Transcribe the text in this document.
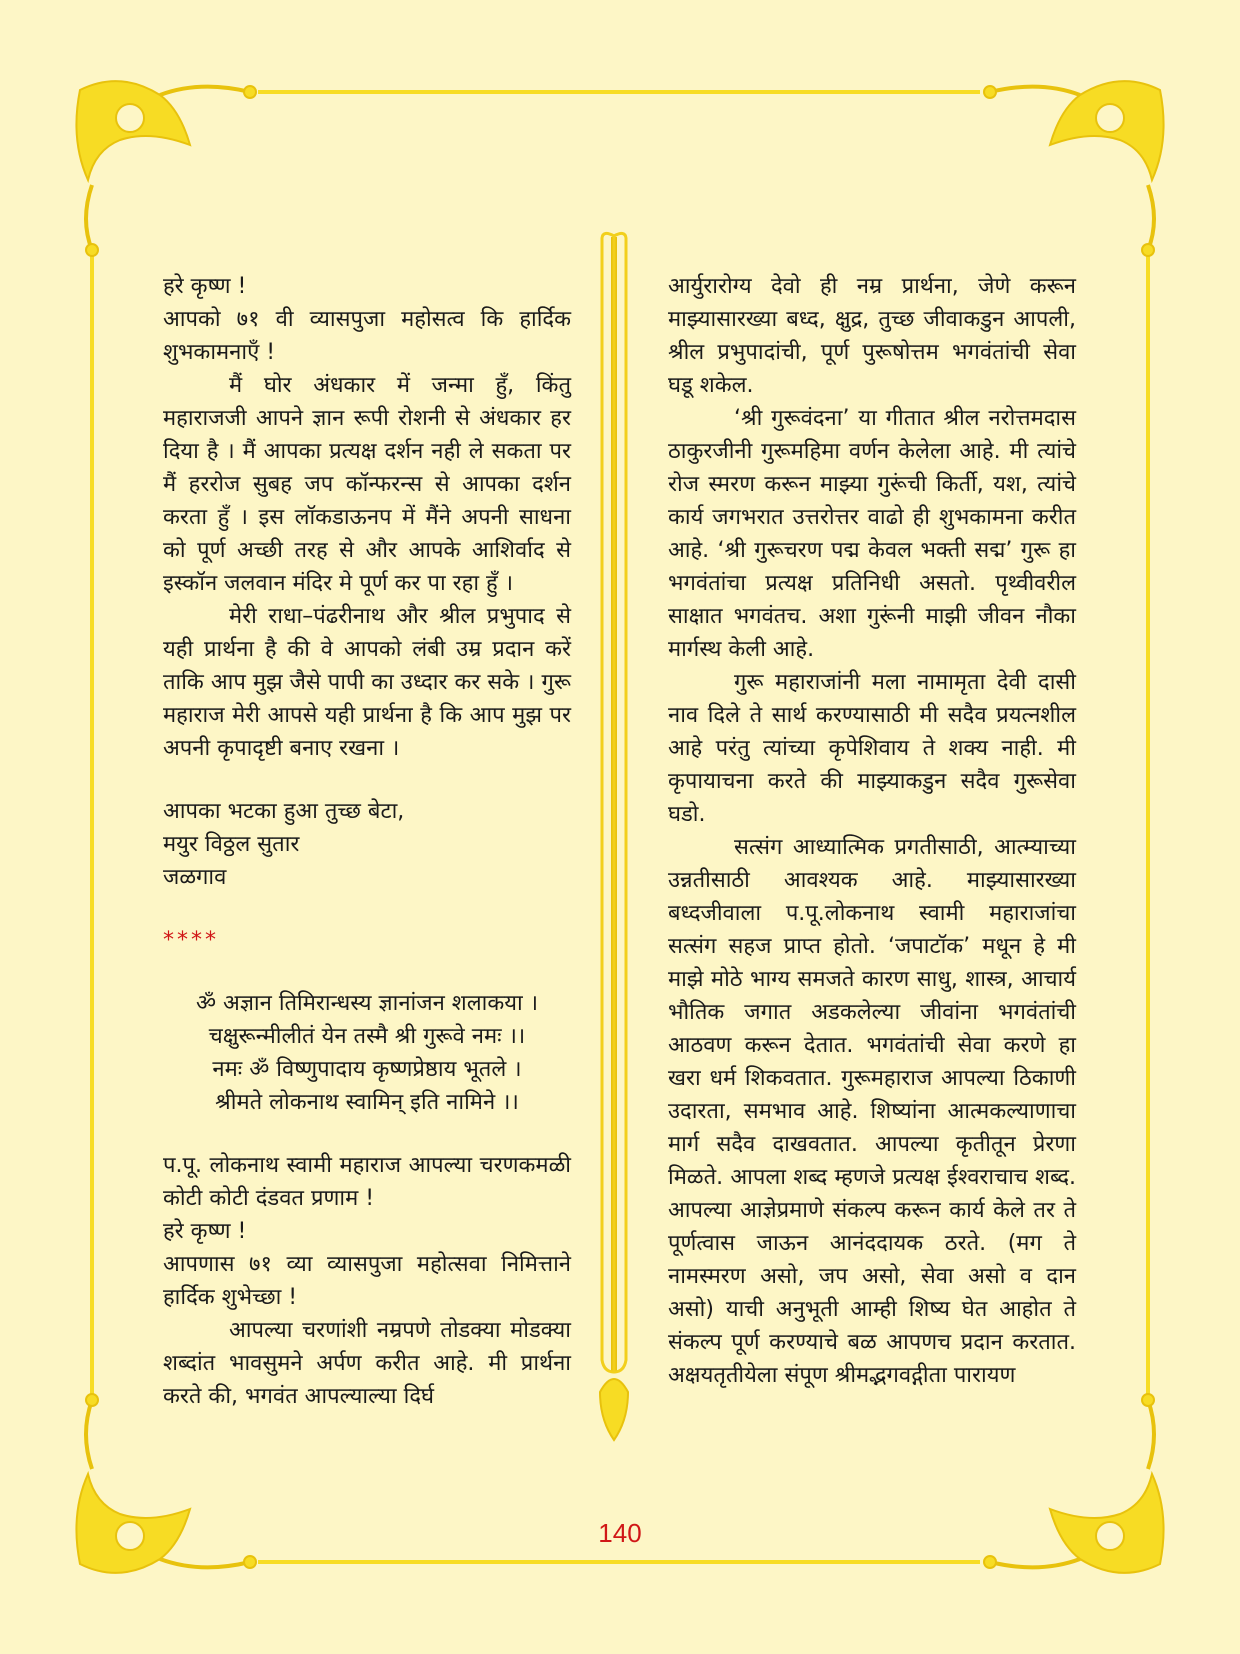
हरे कृष्ण !

आपको ७१ वी व्यासपुजा महोसत्व कि हार्दिक शुभकामनाएँ !

मैं घोर अंधकार में जन्मा हुँ, किंतु महाराजजी आपने ज्ञान रूपी रोशनी से अंधकार हर दिया है । मैं आपका प्रत्यक्ष दर्शन नही ले सकता पर मैं हररोज सुबह जप कॉन्फरन्स से आपका दर्शन करता हुँ । इस लॉकडाऊनप में मैंने अपनी साधना को पूर्ण अच्छी तरह से और आपके आशिर्वाद से इस्कॉन जलवान मंदिर मे पूर्ण कर पा रहा हुँ ।

मेरी राधा–पंढरीनाथ और श्रील प्रभुपाद से यही प्रार्थना है की वे आपको लंबी उम्र प्रदान करें ताकि आप मुझ जैसे पापी का उध्दार कर सके । गुरू महाराज मेरी आपसे यही प्रार्थना है कि आप मुझ पर अपनी कृपादृष्टी बनाए रखना ।

आपका भटका हुआ तुच्छ बेटा,

मयुर विठ्ठल सुतार

जळगाव

****

ॐ अज्ञान तिमिरान्धस्य ज्ञानांजन शलाकया ।

चक्षुरून्मीलीतं येन तस्मै श्री गुरूवे नमः ।।

नमः ॐ विष्णुपादाय कृष्णप्रेष्ठाय भूतले ।

श्रीमते लोकनाथ स्वामिन् इति नामिने ।।

प.पू. लोकनाथ स्वामी महाराज आपल्या चरणकमळी कोटी कोटी दंडवत प्रणाम !

हरे कृष्ण !

आपणास ७१ व्या व्यासपुजा महोत्सवा निमित्ताने हार्दिक शुभेच्छा !

आपल्या चरणांशी नम्रपणे तोडक्या मोडक्या शब्दांत भावसुमने अर्पण करीत आहे. मी प्रार्थना करते की, भगवंत आपल्याल्या दिर्घ

आर्युरारोग्य देवो ही नम्र प्रार्थना, जेणे करून माझ्यासारख्या बध्द, क्षुद्र, तुच्छ जीवाकडुन आपली, श्रील प्रभुपादांची, पूर्ण पुरूषोत्तम भगवंतांची सेवा घडू शकेल.

‘श्री गुरूवंदना’ या गीतात श्रील नरोत्तमदास ठाकुरजीनी गुरूमहिमा वर्णन केलेला आहे. मी त्यांचे रोज स्मरण करून माझ्या गुरूंची किर्ती, यश, त्यांचे कार्य जगभरात उत्तरोत्तर वाढो ही शुभकामना करीत आहे. ‘श्री गुरूचरण पद्म केवल भक्ती सद्म’ गुरू हा भगवंतांचा प्रत्यक्ष प्रतिनिधी असतो. पृथ्वीवरील साक्षात भगवंतच. अशा गुरूंनी माझी जीवन नौका मार्गस्थ केली आहे.

गुरू महाराजांनी मला नामामृता देवी दासी नाव दिले ते सार्थ करण्यासाठी मी सदैव प्रयत्नशील आहे परंतु त्यांच्या कृपेशिवाय ते शक्य नाही. मी कृपायाचना करते की माझ्याकडुन सदैव गुरूसेवा घडो.

सत्संग आध्यात्मिक प्रगतीसाठी, आत्म्याच्या उन्नतीसाठी आवश्यक आहे. माझ्यासारख्या बध्दजीवाला प.पू.लोकनाथ स्वामी महाराजांचा सत्संग सहज प्राप्त होतो. ‘जपाटॉक’ मधून हे मी माझे मोठे भाग्य समजते कारण साधु, शास्त्र, आचार्य भौतिक जगात अडकलेल्या जीवांना भगवंतांची आठवण करून देतात. भगवंतांची सेवा करणे हा खरा धर्म शिकवतात. गुरूमहाराज आपल्या ठिकाणी उदारता, समभाव आहे. शिष्यांना आत्मकल्याणाचा मार्ग सदैव दाखवतात. आपल्या कृतीतून प्रेरणा मिळते. आपला शब्द म्हणजे प्रत्यक्ष ईश्वराचाच शब्द. आपल्या आज्ञेप्रमाणे संकल्प करून कार्य केले तर ते पूर्णत्वास जाऊन आनंददायक ठरते. (मग ते नामस्मरण असो, जप असो, सेवा असो व दान असो) याची अनुभूती आम्ही शिष्य घेत आहोत ते संकल्प पूर्ण करण्याचे बळ आपणच प्रदान करतात. अक्षयतृतीयेला संपूण श्रीमद्भगवद्गीता पारायण

140
